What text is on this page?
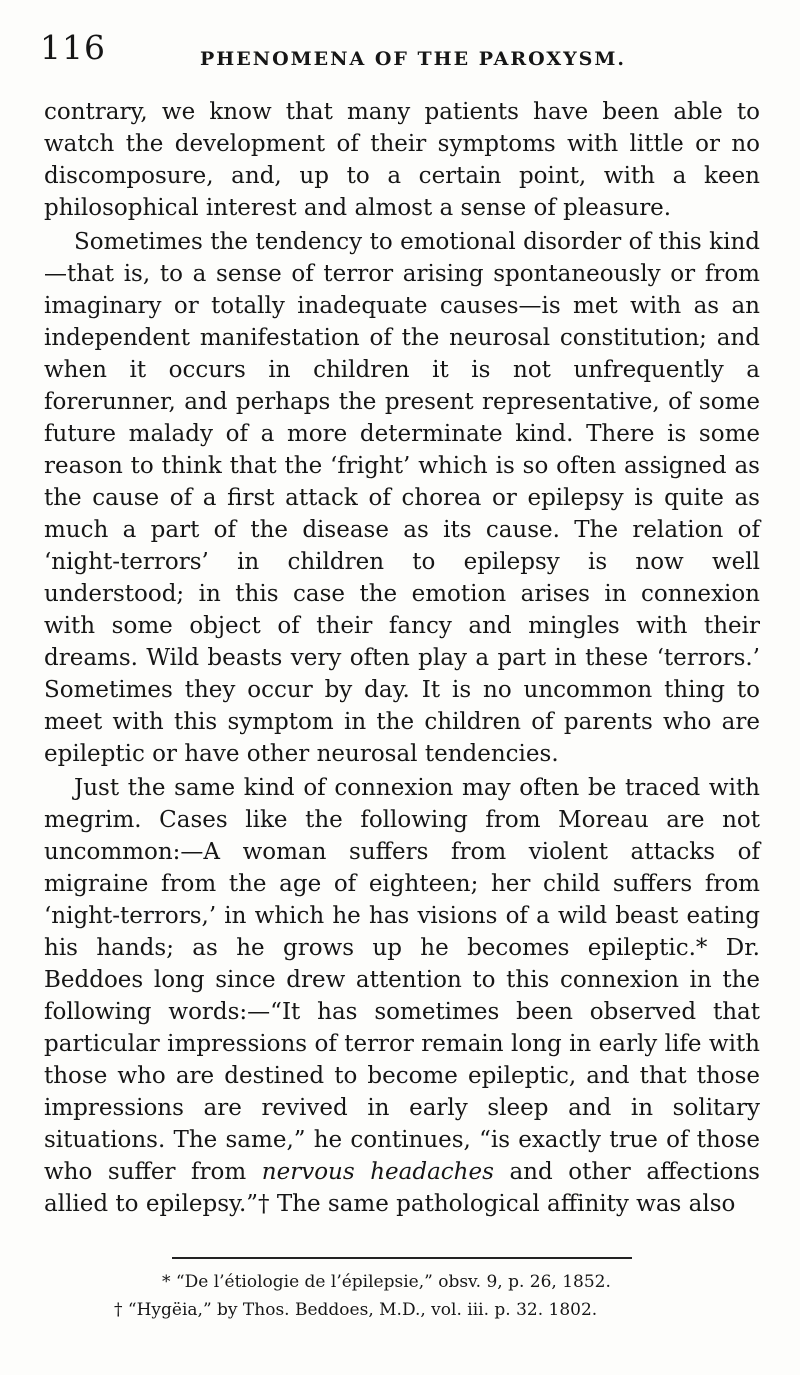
116	PHENOMENA OF THE PAROXYSM.

contrary, we know that many patients have been able to watch the development of their symptoms with little or no discomposure, and, up to a certain point, with a keen philosophical interest and almost a sense of pleasure.

Sometimes the tendency to emotional disorder of this kind—that is, to a sense of terror arising spontaneously or from imaginary or totally inadequate causes—is met with as an independent manifestation of the neurosal constitution; and when it occurs in children it is not unfrequently a forerunner, and perhaps the present representative, of some future malady of a more determinate kind. There is some reason to think that the ‘fright’ which is so often assigned as the cause of a first attack of chorea or epilepsy is quite as much a part of the disease as its cause. The relation of ‘night-terrors’ in children to epilepsy is now well understood; in this case the emotion arises in connexion with some object of their fancy and mingles with their dreams. Wild beasts very often play a part in these ‘terrors.’ Sometimes they occur by day. It is no uncommon thing to meet with this symptom in the children of parents who are epileptic or have other neurosal tendencies.

Just the same kind of connexion may often be traced with megrim. Cases like the following from Moreau are not uncommon:—A woman suffers from violent attacks of migraine from the age of eighteen; her child suffers from ‘night-terrors,’ in which he has visions of a wild beast eating his hands; as he grows up he becomes epileptic.* Dr. Beddoes long since drew attention to this connexion in the following words:—“It has sometimes been observed that particular impressions of terror remain long in early life with those who are destined to become epileptic, and that those impressions are revived in early sleep and in solitary situations. The same,” he continues, “is exactly true of those who suffer from nervous headaches and other affections allied to epilepsy.”† The same pathological affinity was also

* “De l’étiologie de l’épilepsie,” obsv. 9, p. 26, 1852.
† “Hygëia,” by Thos. Beddoes, M.D., vol. iii. p. 32. 1802.
